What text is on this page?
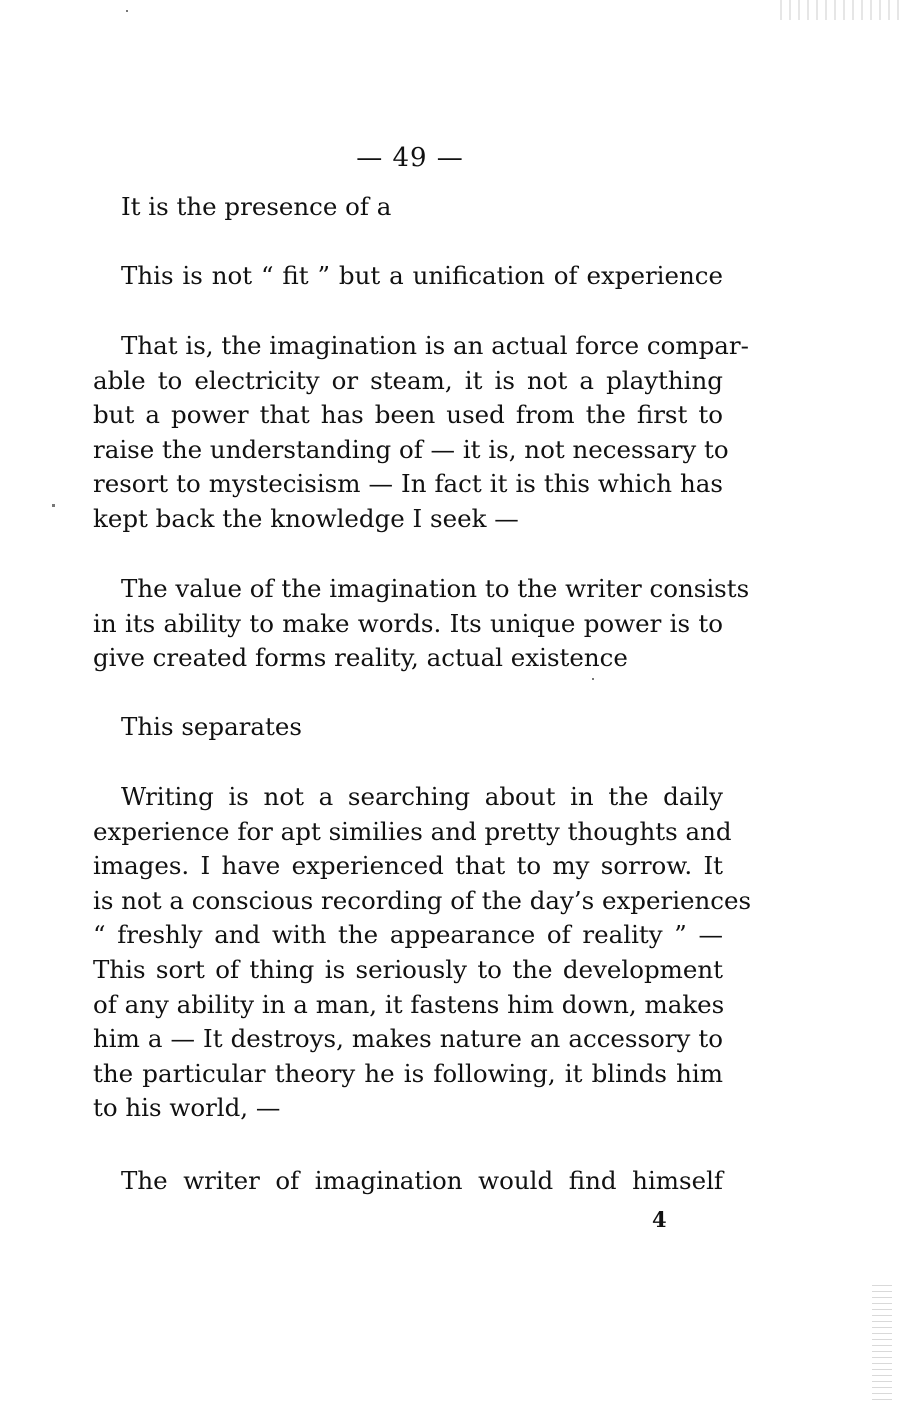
— 49 —
It is the presence of a
This is not “ fit ” but a unification of experience
That is, the imagination is an actual force compar-
able to electricity or steam, it is not a plaything
but a power that has been used from the first to
raise the understanding of — it is, not necessary to
resort to mystecisism — In fact it is this which has
kept back the knowledge I seek —
The value of the imagination to the writer consists
in its ability to make words. Its unique power is to
give created forms reality, actual existence
This separates
Writing is not a searching about in the daily
experience for apt similies and pretty thoughts and
images. I have experienced that to my sorrow. It
is not a conscious recording of the day’s experiences
“ freshly and with the appearance of reality ” —
This sort of thing is seriously to the development
of any ability in a man, it fastens him down, makes
him a — It destroys, makes nature an accessory to
the particular theory he is following, it blinds him
to his world, —
The writer of imagination would find himself
4
